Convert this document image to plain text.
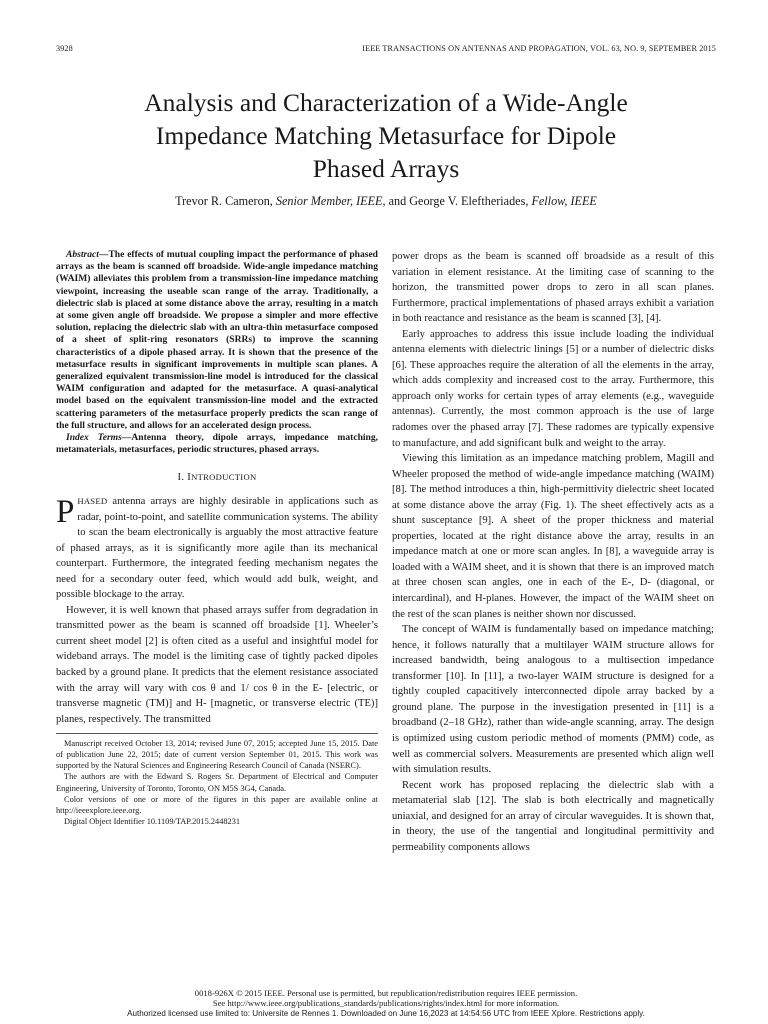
3928	IEEE TRANSACTIONS ON ANTENNAS AND PROPAGATION, VOL. 63, NO. 9, SEPTEMBER 2015
Analysis and Characterization of a Wide-Angle
Impedance Matching Metasurface for Dipole
Phased Arrays
Trevor R. Cameron, Senior Member, IEEE, and George V. Eleftheriades, Fellow, IEEE

Abstract—The effects of mutual coupling impact the performance of phased arrays as the beam is scanned off broadside. Wide-angle impedance matching (WAIM) alleviates this problem from a transmission-line impedance matching viewpoint, increasing the useable scan range of the array. Traditionally, a dielectric slab is placed at some distance above the array, resulting in a match at some given angle off broadside. We propose a simpler and more effective solution, replacing the dielectric slab with an ultra-thin metasurface composed of a sheet of split-ring resonators (SRRs) to improve the scanning characteristics of a dipole phased array. It is shown that the presence of the metasurface results in significant improvements in multiple scan planes. A generalized equivalent transmission-line model is introduced for the classical WAIM configuration and adapted for the metasurface. A quasi-analytical model based on the equivalent transmission-line model and the extracted scattering parameters of the metasurface properly predicts the scan range of the full structure, and allows for an accelerated design process.

Index Terms—Antenna theory, dipole arrays, impedance matching, metamaterials, metasurfaces, periodic structures, phased arrays.

I. INTRODUCTION

PHASED antenna arrays are highly desirable in applications such as radar, point-to-point, and satellite communication systems. The ability to scan the beam electronically is arguably the most attractive feature of phased arrays, as it is significantly more agile than its mechanical counterpart. Furthermore, the integrated feeding mechanism negates the need for a secondary outer feed, which would add bulk, weight, and possible blockage to the array.

However, it is well known that phased arrays suffer from degradation in transmitted power as the beam is scanned off broadside [1]. Wheeler’s current sheet model [2] is often cited as a useful and insightful model for wideband arrays. The model is the limiting case of tightly packed dipoles backed by a ground plane. It predicts that the element resistance associated with the array will vary with cos θ and 1/ cos θ in the E- [electric, or transverse magnetic (TM)] and H- [magnetic, or transverse electric (TE)] planes, respectively. The transmitted

Manuscript received October 13, 2014; revised June 07, 2015; accepted June 15, 2015. Date of publication June 22, 2015; date of current version September 01, 2015. This work was supported by the Natural Sciences and Engineering Research Council of Canada (NSERC).

The authors are with the Edward S. Rogers Sr. Department of Electrical and Computer Engineering, University of Toronto, Toronto, ON M5S 3G4, Canada.

Color versions of one or more of the figures in this paper are available online at http://ieeexplore.ieee.org.

Digital Object Identifier 10.1109/TAP.2015.2448231

power drops as the beam is scanned off broadside as a result of this variation in element resistance. At the limiting case of scanning to the horizon, the transmitted power drops to zero in all scan planes. Furthermore, practical implementations of phased arrays exhibit a variation in both reactance and resistance as the beam is scanned [3], [4].

Early approaches to address this issue include loading the individual antenna elements with dielectric linings [5] or a number of dielectric disks [6]. These approaches require the alteration of all the elements in the array, which adds complexity and increased cost to the array. Furthermore, this approach only works for certain types of array elements (e.g., waveguide antennas). Currently, the most common approach is the use of large radomes over the phased array [7]. These radomes are typically expensive to manufacture, and add significant bulk and weight to the array.

Viewing this limitation as an impedance matching problem, Magill and Wheeler proposed the method of wide-angle impedance matching (WAIM) [8]. The method introduces a thin, high-permittivity dielectric sheet located at some distance above the array (Fig. 1). The sheet effectively acts as a shunt susceptance [9]. A sheet of the proper thickness and material properties, located at the right distance above the array, results in an impedance match at one or more scan angles. In [8], a waveguide array is loaded with a WAIM sheet, and it is shown that there is an improved match at three chosen scan angles, one in each of the E-, D- (diagonal, or intercardinal), and H-planes. However, the impact of the WAIM sheet on the rest of the scan planes is neither shown nor discussed.

The concept of WAIM is fundamentally based on impedance matching; hence, it follows naturally that a multilayer WAIM structure allows for increased bandwidth, being analogous to a multisection impedance transformer [10]. In [11], a two-layer WAIM structure is designed for a tightly coupled capacitively interconnected dipole array backed by a ground plane. The purpose in the investigation presented in [11] is a broadband (2–18 GHz), rather than wide-angle scanning, array. The design is optimized using custom periodic method of moments (PMM) code, as well as commercial solvers. Measurements are presented which align well with simulation results.

Recent work has proposed replacing the dielectric slab with a metamaterial slab [12]. The slab is both electrically and magnetically uniaxial, and designed for an array of circular waveguides. It is shown that, in theory, the use of the tangential and longitudinal permittivity and permeability components allows

0018-926X © 2015 IEEE. Personal use is permitted, but republication/redistribution requires IEEE permission.
See http://www.ieee.org/publications_standards/publications/rights/index.html for more information.
Authorized licensed use limited to: Universite de Rennes 1. Downloaded on June 16,2023 at 14:54:56 UTC from IEEE Xplore. Restrictions apply.
